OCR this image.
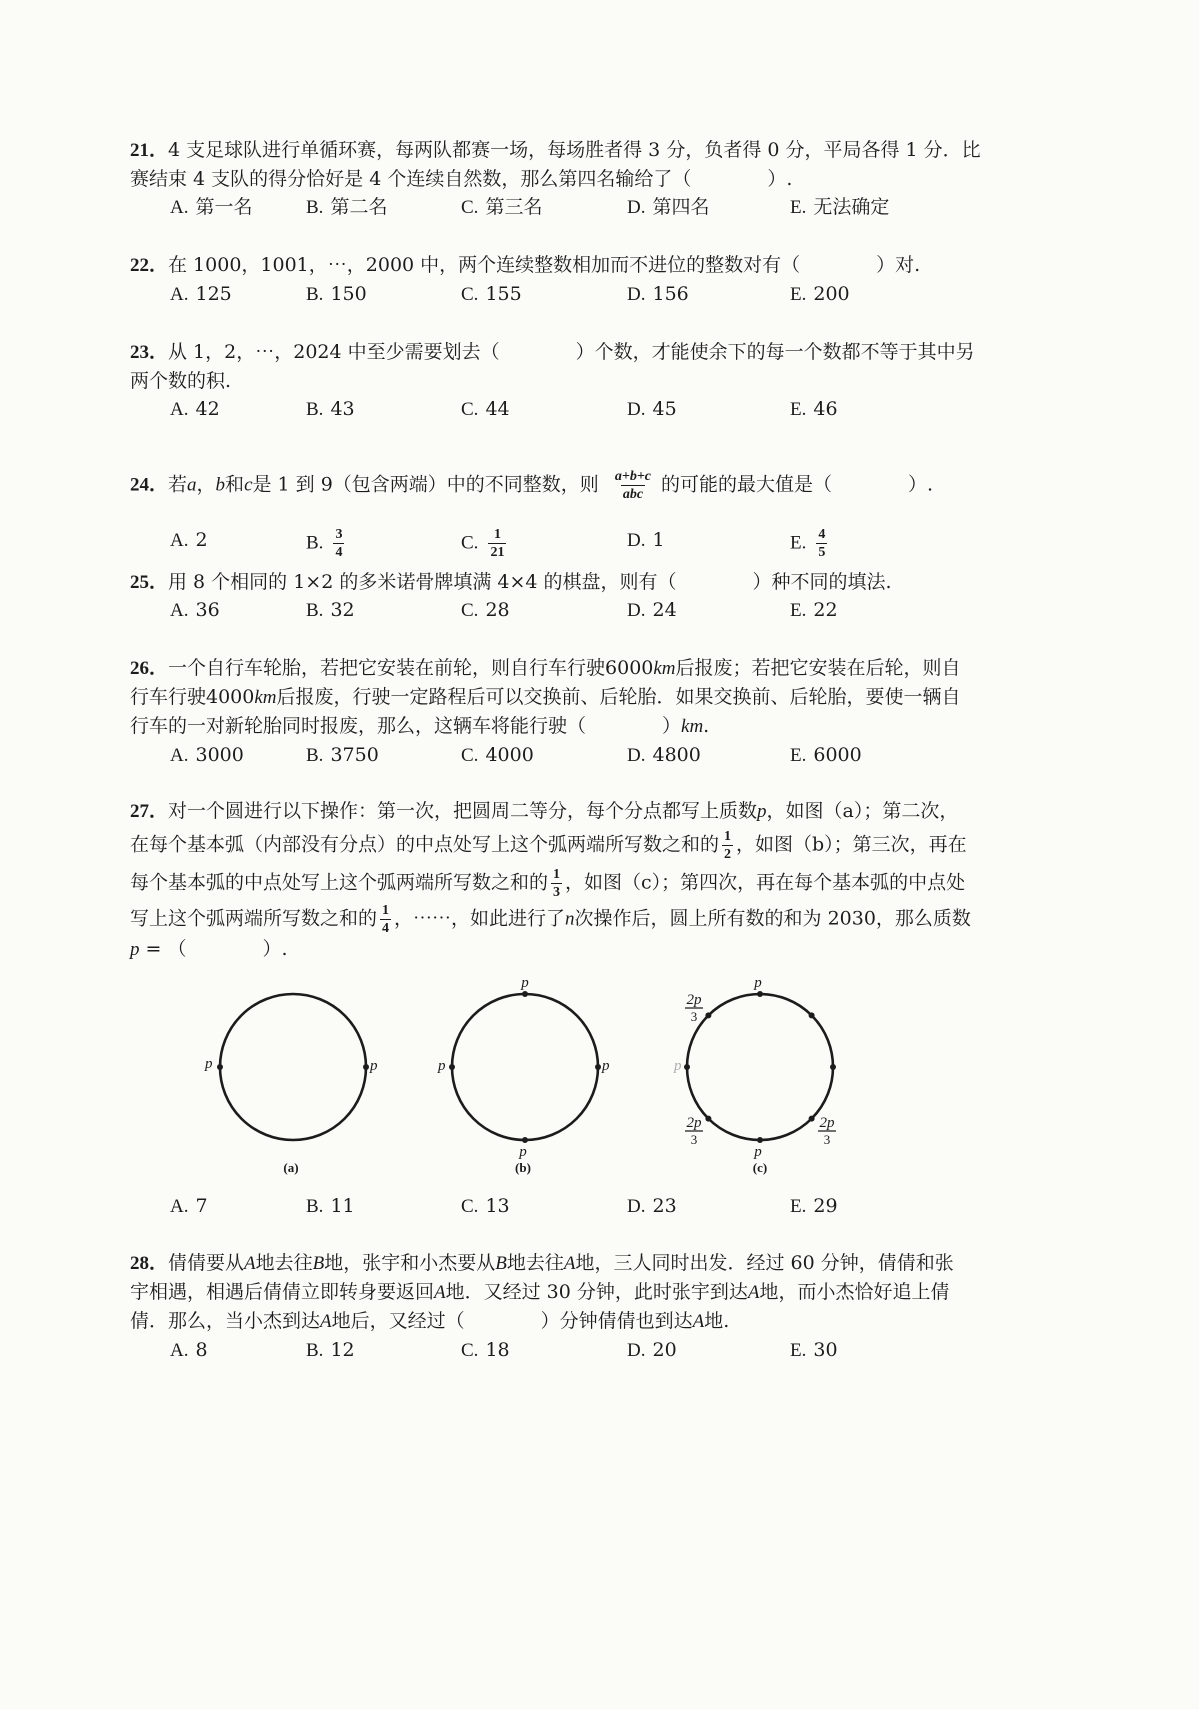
21．4 支足球队进行单循环赛，每两队都赛一场，每场胜者得 3 分，负者得 0 分，平局各得 1 分．比
赛结束 4 支队的得分恰好是 4 个连续自然数，那么第四名输给了（　　　　）.
A. 第一名	B. 第二名	C. 第三名	D. 第四名	E. 无法确定
22．在 1000，1001，⋯，2000 中，两个连续整数相加而不进位的整数对有（　　　　）对.
A. 125	B. 150	C. 155	D. 156	E. 200
23．从 1，2，⋯，2024 中至少需要划去（　　　　）个数，才能使余下的每一个数都不等于其中另
两个数的积.
A. 42	B. 43	C. 44	D. 45	E. 46
24．若a，b和c是 1 到 9（包含两端）中的不同整数，则 $\frac{a+b+c}{\text{abc}}$ 的可能的最大值是（　　　　）.
A. 2	B. $\frac{3}{4}$	C. $\frac{1}{21}$	D. 1	E. $\frac{4}{5}$
25．用 8 个相同的 1×2 的多米诺骨牌填满 4×4 的棋盘，则有（　　　　）种不同的填法.
A. 36	B. 32	C. 28	D. 24	E. 22
26．一个自行车轮胎，若把它安装在前轮，则自行车行驶6000km后报废；若把它安装在后轮，则自
行车行驶4000km后报废，行驶一定路程后可以交换前、后轮胎．如果交换前、后轮胎，要使一辆自
行车的一对新轮胎同时报废，那么，这辆车将能行驶（　　　　）km.
A. 3000	B. 3750	C. 4000	D. 4800	E. 6000
27．对一个圆进行以下操作：第一次，把圆周二等分，每个分点都写上质数p，如图（a）；第二次，
在每个基本弧（内部没有分点）的中点处写上这个弧两端所写数之和的 $\frac{1}{2}$ ，如图（b）；第三次，再在
每个基本弧的中点处写上这个弧两端所写数之和的 $\frac{1}{3}$ ，如图（c）；第四次，再在每个基本弧的中点处
写上这个弧两端所写数之和的 $\frac{1}{4}$ ，⋯⋯，如此进行了n次操作后，圆上所有数的和为 2030，那么质数
p = （　　　　）.
p	p
(a)
p
p
p
p
(b)
p
p
p
2p
3
2p
3
2p
3
(c)
A. 7	B. 11	C. 13	D. 23	E. 29
28．倩倩要从A地去往B地，张宇和小杰要从B地去往A地，三人同时出发．经过 60 分钟，倩倩和张
宇相遇，相遇后倩倩立即转身要返回A地．又经过 30 分钟，此时张宇到达A地，而小杰恰好追上倩
倩．那么，当小杰到达A地后，又经过（　　　　）分钟倩倩也到达A地.
A. 8	B. 12	C. 18	D. 20	E. 30
